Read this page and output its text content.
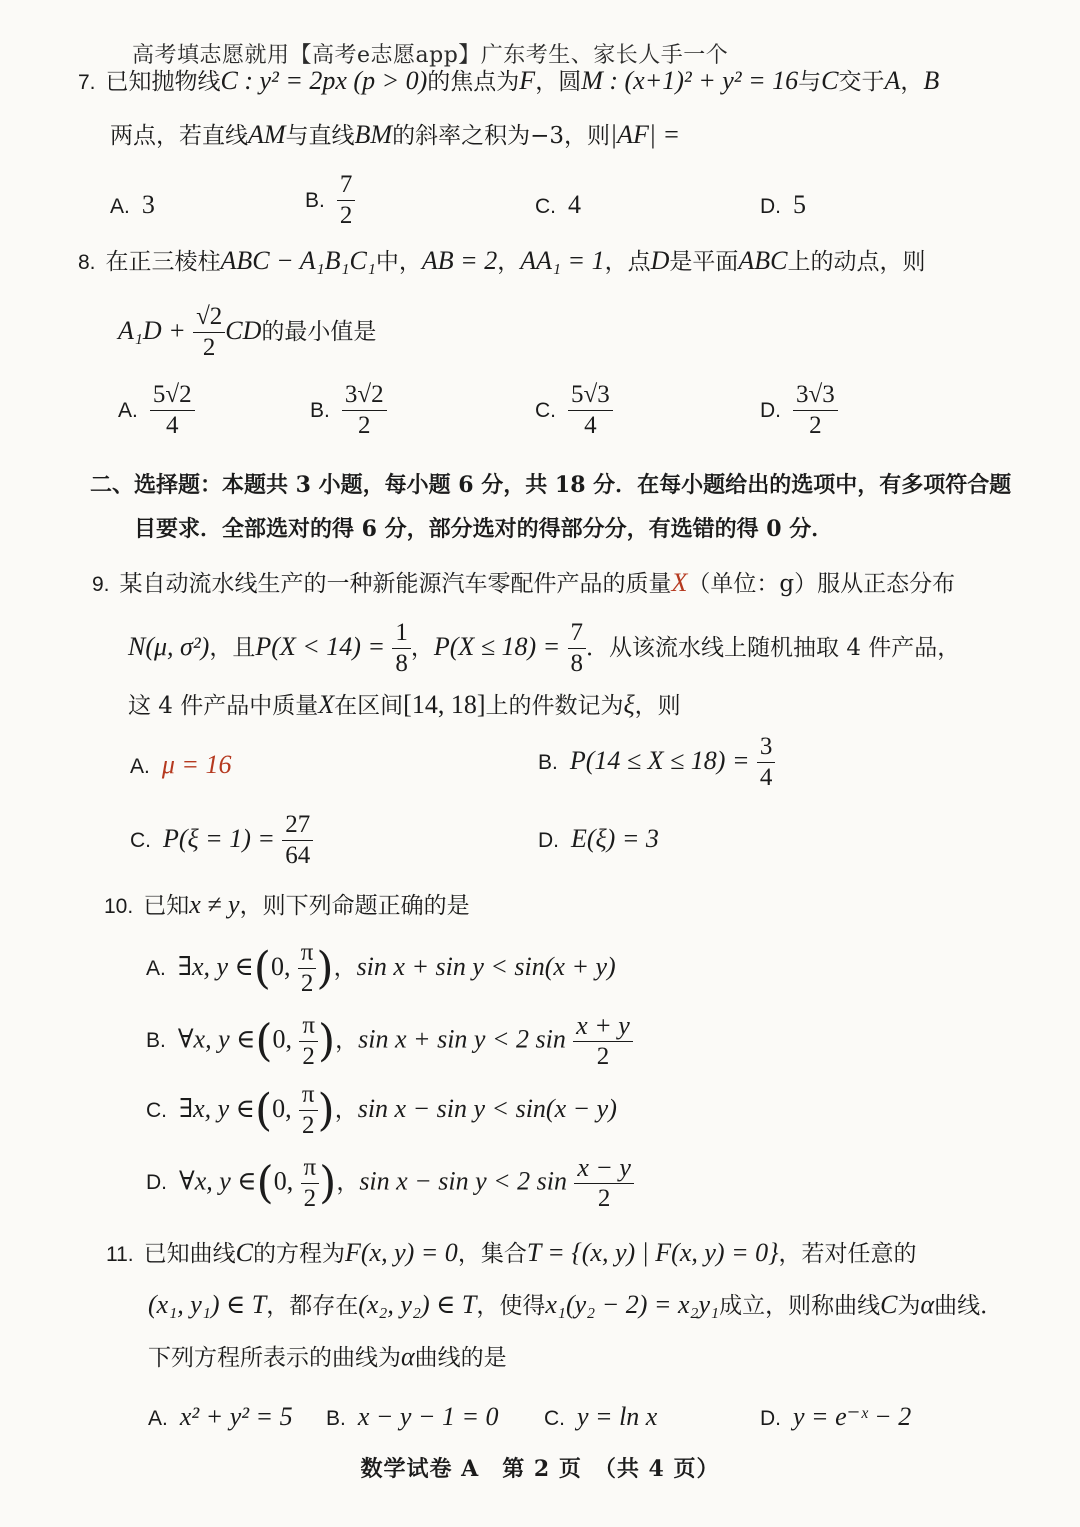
高考填志愿就用【高考e志愿app】广东考生、家长人手一个
7. 已知抛物线C : y² = 2px (p > 0)的焦点为F，圆M : (x+1)² + y² = 16与C交于A，B
两点，若直线AM与直线BM的斜率之积为−3，则|AF| =
A. 3	B. $\frac{7}{2}$	C. 4	D. 5
8. 在正三棱柱ABC − A₁B₁C₁中，AB = 2，AA₁ = 1，点D是平面ABC上的动点，则
$A_1D + \frac{√2}{2}$ CD的最小值是
A. $\frac{5√2}{4}$	B. $\frac{3√2}{2}$	C. $\frac{5√3}{4}$	D. $\frac{3√3}{2}$
二、选择题：本题共 3 小题，每小题 6 分，共 18 分．在每小题给出的选项中，有多项符合题
目要求．全部选对的得 6 分，部分选对的得部分分，有选错的得 0 分．
9. 某自动流水线生产的一种新能源汽车零配件产品的质量X（单位：g）服从正态分布
N(μ, σ²)，且$P(X < 14) = \frac{1}{8}$ ，$P(X \le 18) = \frac{7}{8}$ ．从该流水线上随机抽取 4 件产品，
这 4 件产品中质量X在区间[14, 18]上的件数记为ξ，则
A. μ = 16	B. $P(14 \le X \le 18) = \frac{3}{4}$
C. $P(\xi = 1) = \frac{27}{64}$	D. E(ξ) = 3
10. 已知x ≠ y，则下列命题正确的是
A. ∃x, y ∈(0, $\frac{\pi}{2}$ )，sin x + sin y < sin(x + y)
B. ∀x, y ∈(0, $\frac{\pi}{2}$ )，sin x + sin y < 2 $\sin \frac{x + y}{2}$
C. ∃x, y ∈(0, $\frac{\pi}{2}$ )，sin x − sin y < sin(x − y)
D. ∀x, y ∈(0, $\frac{\pi}{2}$ )，sin x − sin y < 2 $\sin \frac{x - y}{2}$
11. 已知曲线C的方程为F(x, y) = 0，集合T = {(x, y) | F(x, y) = 0}，若对任意的
(x₁, y₁) ∈ T，都存在(x₂, y₂) ∈ T，使得x₁(y₂ − 2) = x₂y₁成立，则称曲线C为α曲线．
下列方程所表示的曲线为α曲线的是
A. x² + y² = 5 B. x − y − 1 = 0 C. y = ln x	D. y = e⁻ˣ − 2
数学试卷 A　第 2 页　（共 4 页）
